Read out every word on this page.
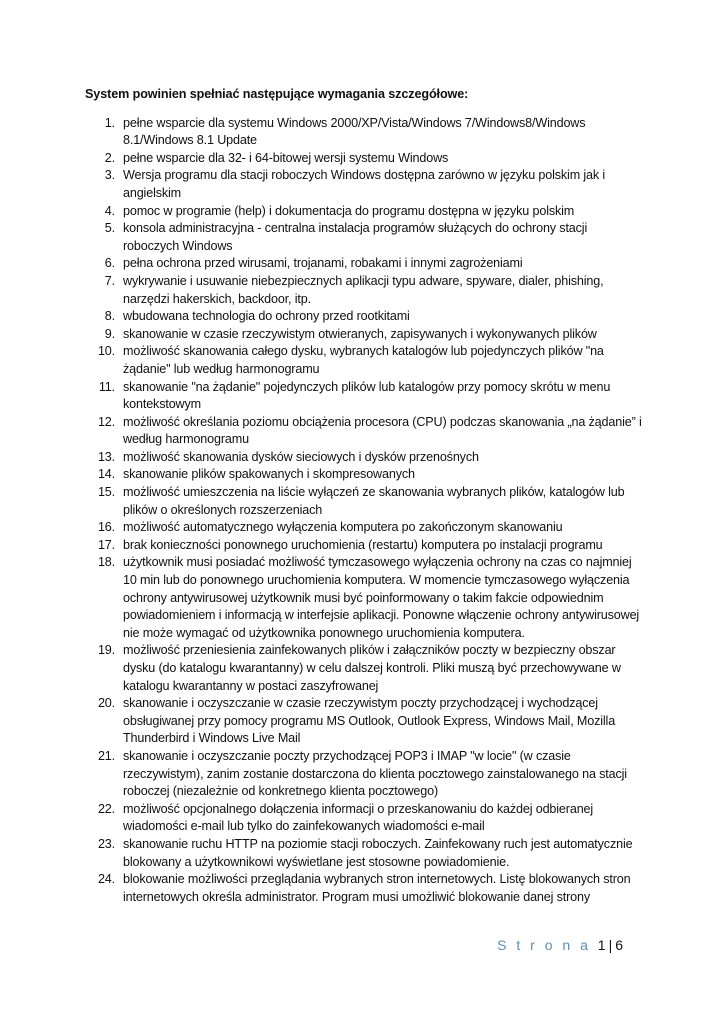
System powinien spełniać następujące wymagania szczegółowe:
1. pełne wsparcie dla systemu Windows 2000/XP/Vista/Windows 7/Windows8/Windows 8.1/Windows 8.1 Update
2. pełne wsparcie dla 32- i 64-bitowej wersji systemu Windows
3. Wersja programu dla stacji roboczych Windows dostępna zarówno w języku polskim jak i angielskim
4. pomoc w programie (help) i dokumentacja do programu dostępna w języku polskim
5. konsola administracyjna - centralna instalacja programów służących do ochrony stacji roboczych Windows
6. pełna ochrona przed wirusami, trojanami, robakami i innymi zagrożeniami
7. wykrywanie i usuwanie niebezpiecznych aplikacji typu adware, spyware, dialer, phishing, narzędzi hakerskich, backdoor, itp.
8. wbudowana technologia do ochrony przed rootkitami
9. skanowanie w czasie rzeczywistym otwieranych, zapisywanych i wykonywanych plików
10. możliwość skanowania całego dysku, wybranych katalogów lub pojedynczych plików "na żądanie" lub według harmonogramu
11. skanowanie "na żądanie" pojedynczych plików lub katalogów przy pomocy skrótu w menu kontekstowym
12. możliwość określania poziomu obciążenia procesora (CPU) podczas skanowania „na żądanie” i według harmonogramu
13. możliwość skanowania dysków sieciowych i dysków przenośnych
14. skanowanie plików spakowanych i skompresowanych
15. możliwość umieszczenia na liście wyłączeń ze skanowania wybranych plików, katalogów lub plików o określonych rozszerzeniach
16. możliwość automatycznego wyłączenia komputera po zakończonym skanowaniu
17. brak konieczności ponownego uruchomienia (restartu) komputera po instalacji programu
18. użytkownik musi posiadać możliwość tymczasowego wyłączenia ochrony na czas co najmniej 10 min lub do ponownego uruchomienia komputera. W momencie tymczasowego wyłączenia ochrony antywirusowej użytkownik musi być poinformowany o takim fakcie odpowiednim powiadomieniem i informacją w interfejsie aplikacji. Ponowne włączenie ochrony antywirusowej nie może wymagać od użytkownika ponownego uruchomienia komputera.
19. możliwość przeniesienia zainfekowanych plików i załączników poczty w bezpieczny obszar dysku (do katalogu kwarantanny) w celu dalszej kontroli. Pliki muszą być przechowywane w katalogu kwarantanny w postaci zaszyfrowanej
20. skanowanie i oczyszczanie w czasie rzeczywistym poczty przychodzącej i wychodzącej obsługiwanej przy pomocy programu MS Outlook, Outlook Express, Windows Mail, Mozilla Thunderbird i Windows Live Mail
21. skanowanie i oczyszczanie poczty przychodzącej POP3 i IMAP "w locie" (w czasie rzeczywistym), zanim zostanie dostarczona do klienta pocztowego zainstalowanego na stacji roboczej (niezależnie od konkretnego klienta pocztowego)
22. możliwość opcjonalnego dołączenia informacji o przeskanowaniu do każdej odbieranej wiadomości e-mail lub tylko do zainfekowanych wiadomości e-mail
23. skanowanie ruchu HTTP na poziomie stacji roboczych. Zainfekowany ruch jest automatycznie blokowany a użytkownikowi wyświetlane jest stosowne powiadomienie.
24. blokowanie możliwości przeglądania wybranych stron internetowych. Listę blokowanych stron internetowych określa administrator. Program musi umożliwić blokowanie danej strony
S t r o n a 1 | 6
